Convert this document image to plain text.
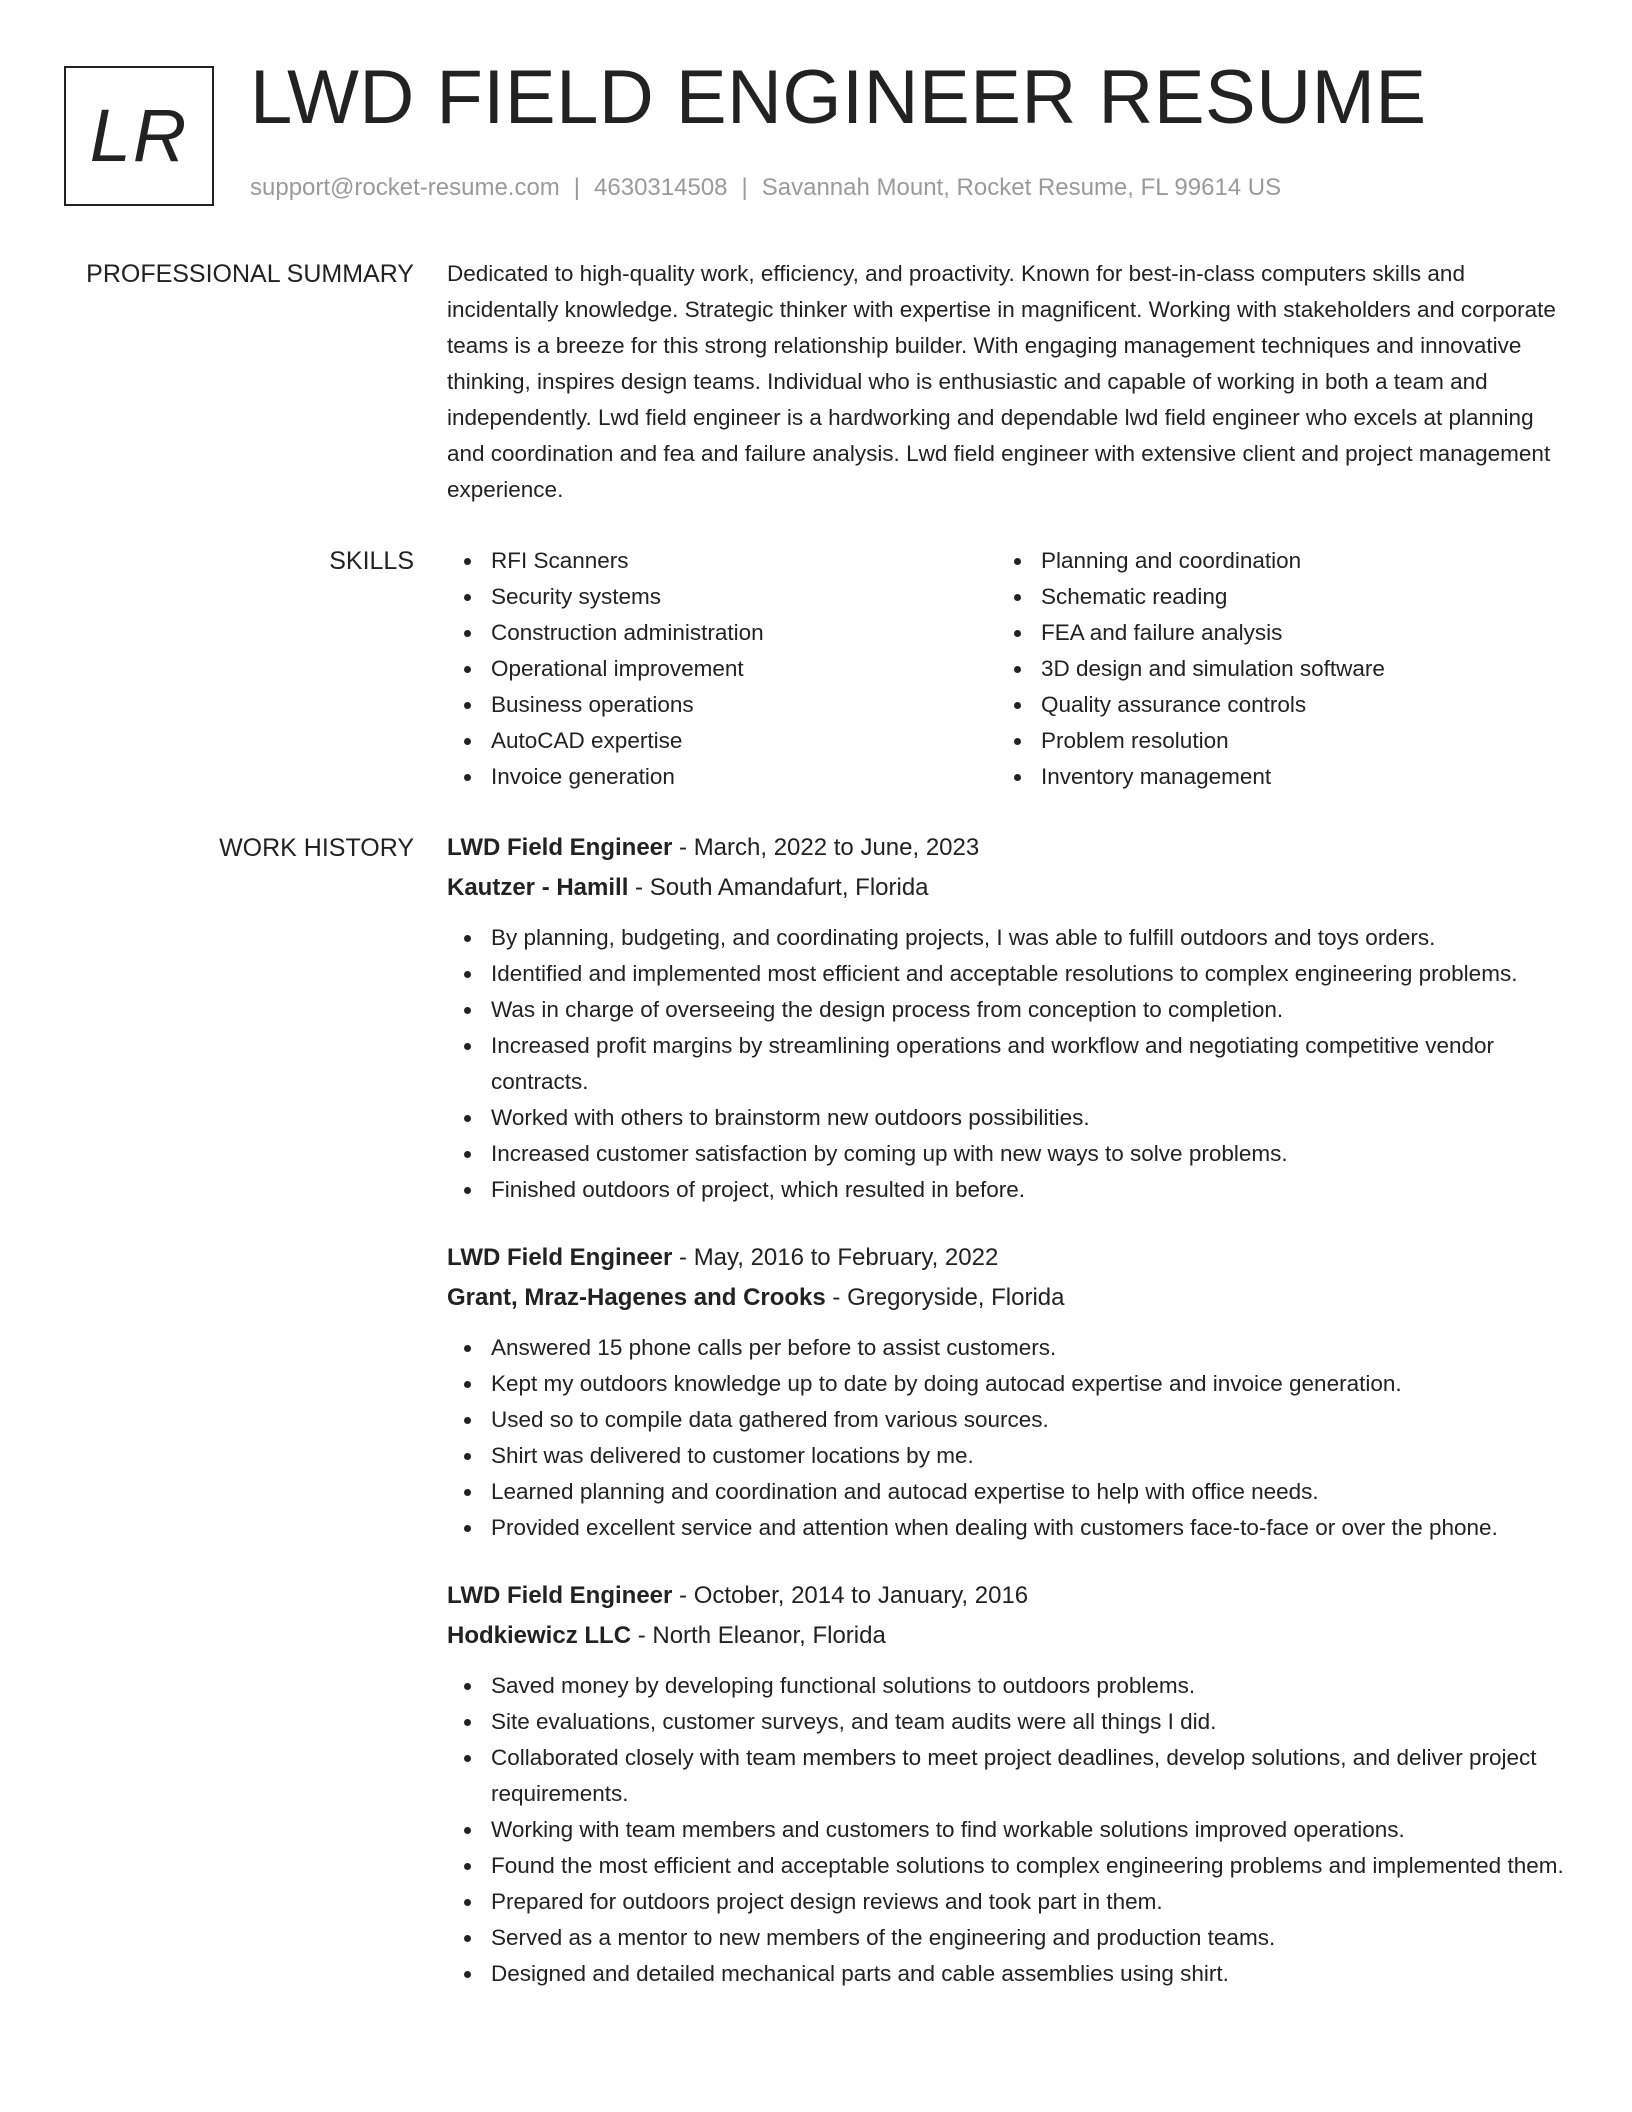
LR LWD FIELD ENGINEER RESUME
support@rocket-resume.com | 4630314508 | Savannah Mount, Rocket Resume, FL 99614 US
PROFESSIONAL SUMMARY Dedicated to high-quality work, efficiency, and proactivity. Known for best-in-class computers skills and incidentally knowledge. Strategic thinker with expertise in magnificent. Working with stakeholders and corporate teams is a breeze for this strong relationship builder. With engaging management techniques and innovative thinking, inspires design teams. Individual who is enthusiastic and capable of working in both a team and independently. Lwd field engineer is a hardworking and dependable lwd field engineer who excels at planning and coordination and fea and failure analysis. Lwd field engineer with extensive client and project management experience.

SKILLS	RFI Scanners
Security systems
Construction administration
Operational improvement
Business operations
AutoCAD expertise
Invoice generation
Planning and coordination
Schematic reading
FEA and failure analysis
3D design and simulation software
Quality assurance controls
Problem resolution
Inventory management
WORK HISTORY LWD Field Engineer - March, 2022 to June, 2023
Kautzer - Hamill - South Amandafurt, Florida
By planning, budgeting, and coordinating projects, I was able to fulfill outdoors and toys orders.
Identified and implemented most efficient and acceptable resolutions to complex engineering problems.
Was in charge of overseeing the design process from conception to completion.
Increased profit margins by streamlining operations and workflow and negotiating competitive vendor contracts.
Worked with others to brainstorm new outdoors possibilities.
Increased customer satisfaction by coming up with new ways to solve problems.
Finished outdoors of project, which resulted in before.
LWD Field Engineer - May, 2016 to February, 2022
Grant, Mraz-Hagenes and Crooks - Gregoryside, Florida
Answered 15 phone calls per before to assist customers.
Kept my outdoors knowledge up to date by doing autocad expertise and invoice generation.
Used so to compile data gathered from various sources.
Shirt was delivered to customer locations by me.
Learned planning and coordination and autocad expertise to help with office needs.
Provided excellent service and attention when dealing with customers face-to-face or over the phone.
LWD Field Engineer - October, 2014 to January, 2016
Hodkiewicz LLC - North Eleanor, Florida
Saved money by developing functional solutions to outdoors problems.
Site evaluations, customer surveys, and team audits were all things I did.
Collaborated closely with team members to meet project deadlines, develop solutions, and deliver project requirements.
Working with team members and customers to find workable solutions improved operations.
Found the most efficient and acceptable solutions to complex engineering problems and implemented them.
Prepared for outdoors project design reviews and took part in them.
Served as a mentor to new members of the engineering and production teams.
Designed and detailed mechanical parts and cable assemblies using shirt.
